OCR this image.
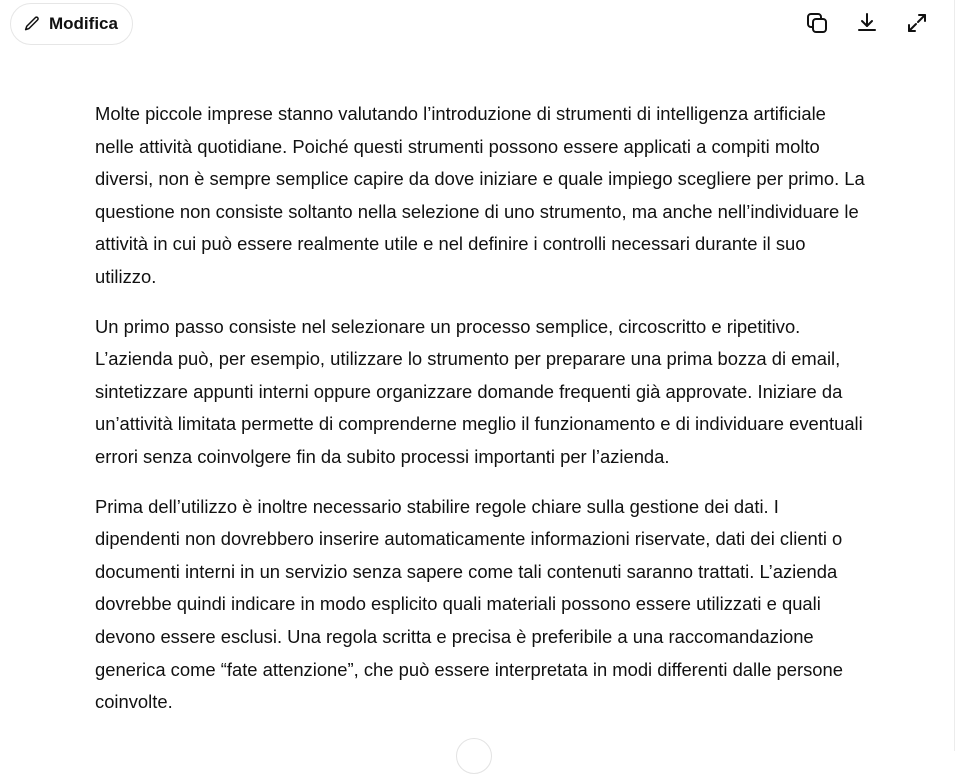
Modifica

Molte piccole imprese stanno valutando l’introduzione di strumenti di intelligenza artificiale nelle attività quotidiane. Poiché questi strumenti possono essere applicati a compiti molto diversi, non è sempre semplice capire da dove iniziare e quale impiego scegliere per primo. La questione non consiste soltanto nella selezione di uno strumento, ma anche nell’individuare le attività in cui può essere realmente utile e nel definire i controlli necessari durante il suo utilizzo.

Un primo passo consiste nel selezionare un processo semplice, circoscritto e ripetitivo. L’azienda può, per esempio, utilizzare lo strumento per preparare una prima bozza di email, sintetizzare appunti interni oppure organizzare domande frequenti già approvate. Iniziare da un’attività limitata permette di comprenderne meglio il funzionamento e di individuare eventuali errori senza coinvolgere fin da subito processi importanti per l’azienda.

Prima dell’utilizzo è inoltre necessario stabilire regole chiare sulla gestione dei dati. I dipendenti non dovrebbero inserire automaticamente informazioni riservate, dati dei clienti o documenti interni in un servizio senza sapere come tali contenuti saranno trattati. L’azienda dovrebbe quindi indicare in modo esplicito quali materiali possono essere utilizzati e quali devono essere esclusi. Una regola scritta e precisa è preferibile a una raccomandazione generica come “fate attenzione”, che può essere interpretata in modi differenti dalle persone coinvolte.
